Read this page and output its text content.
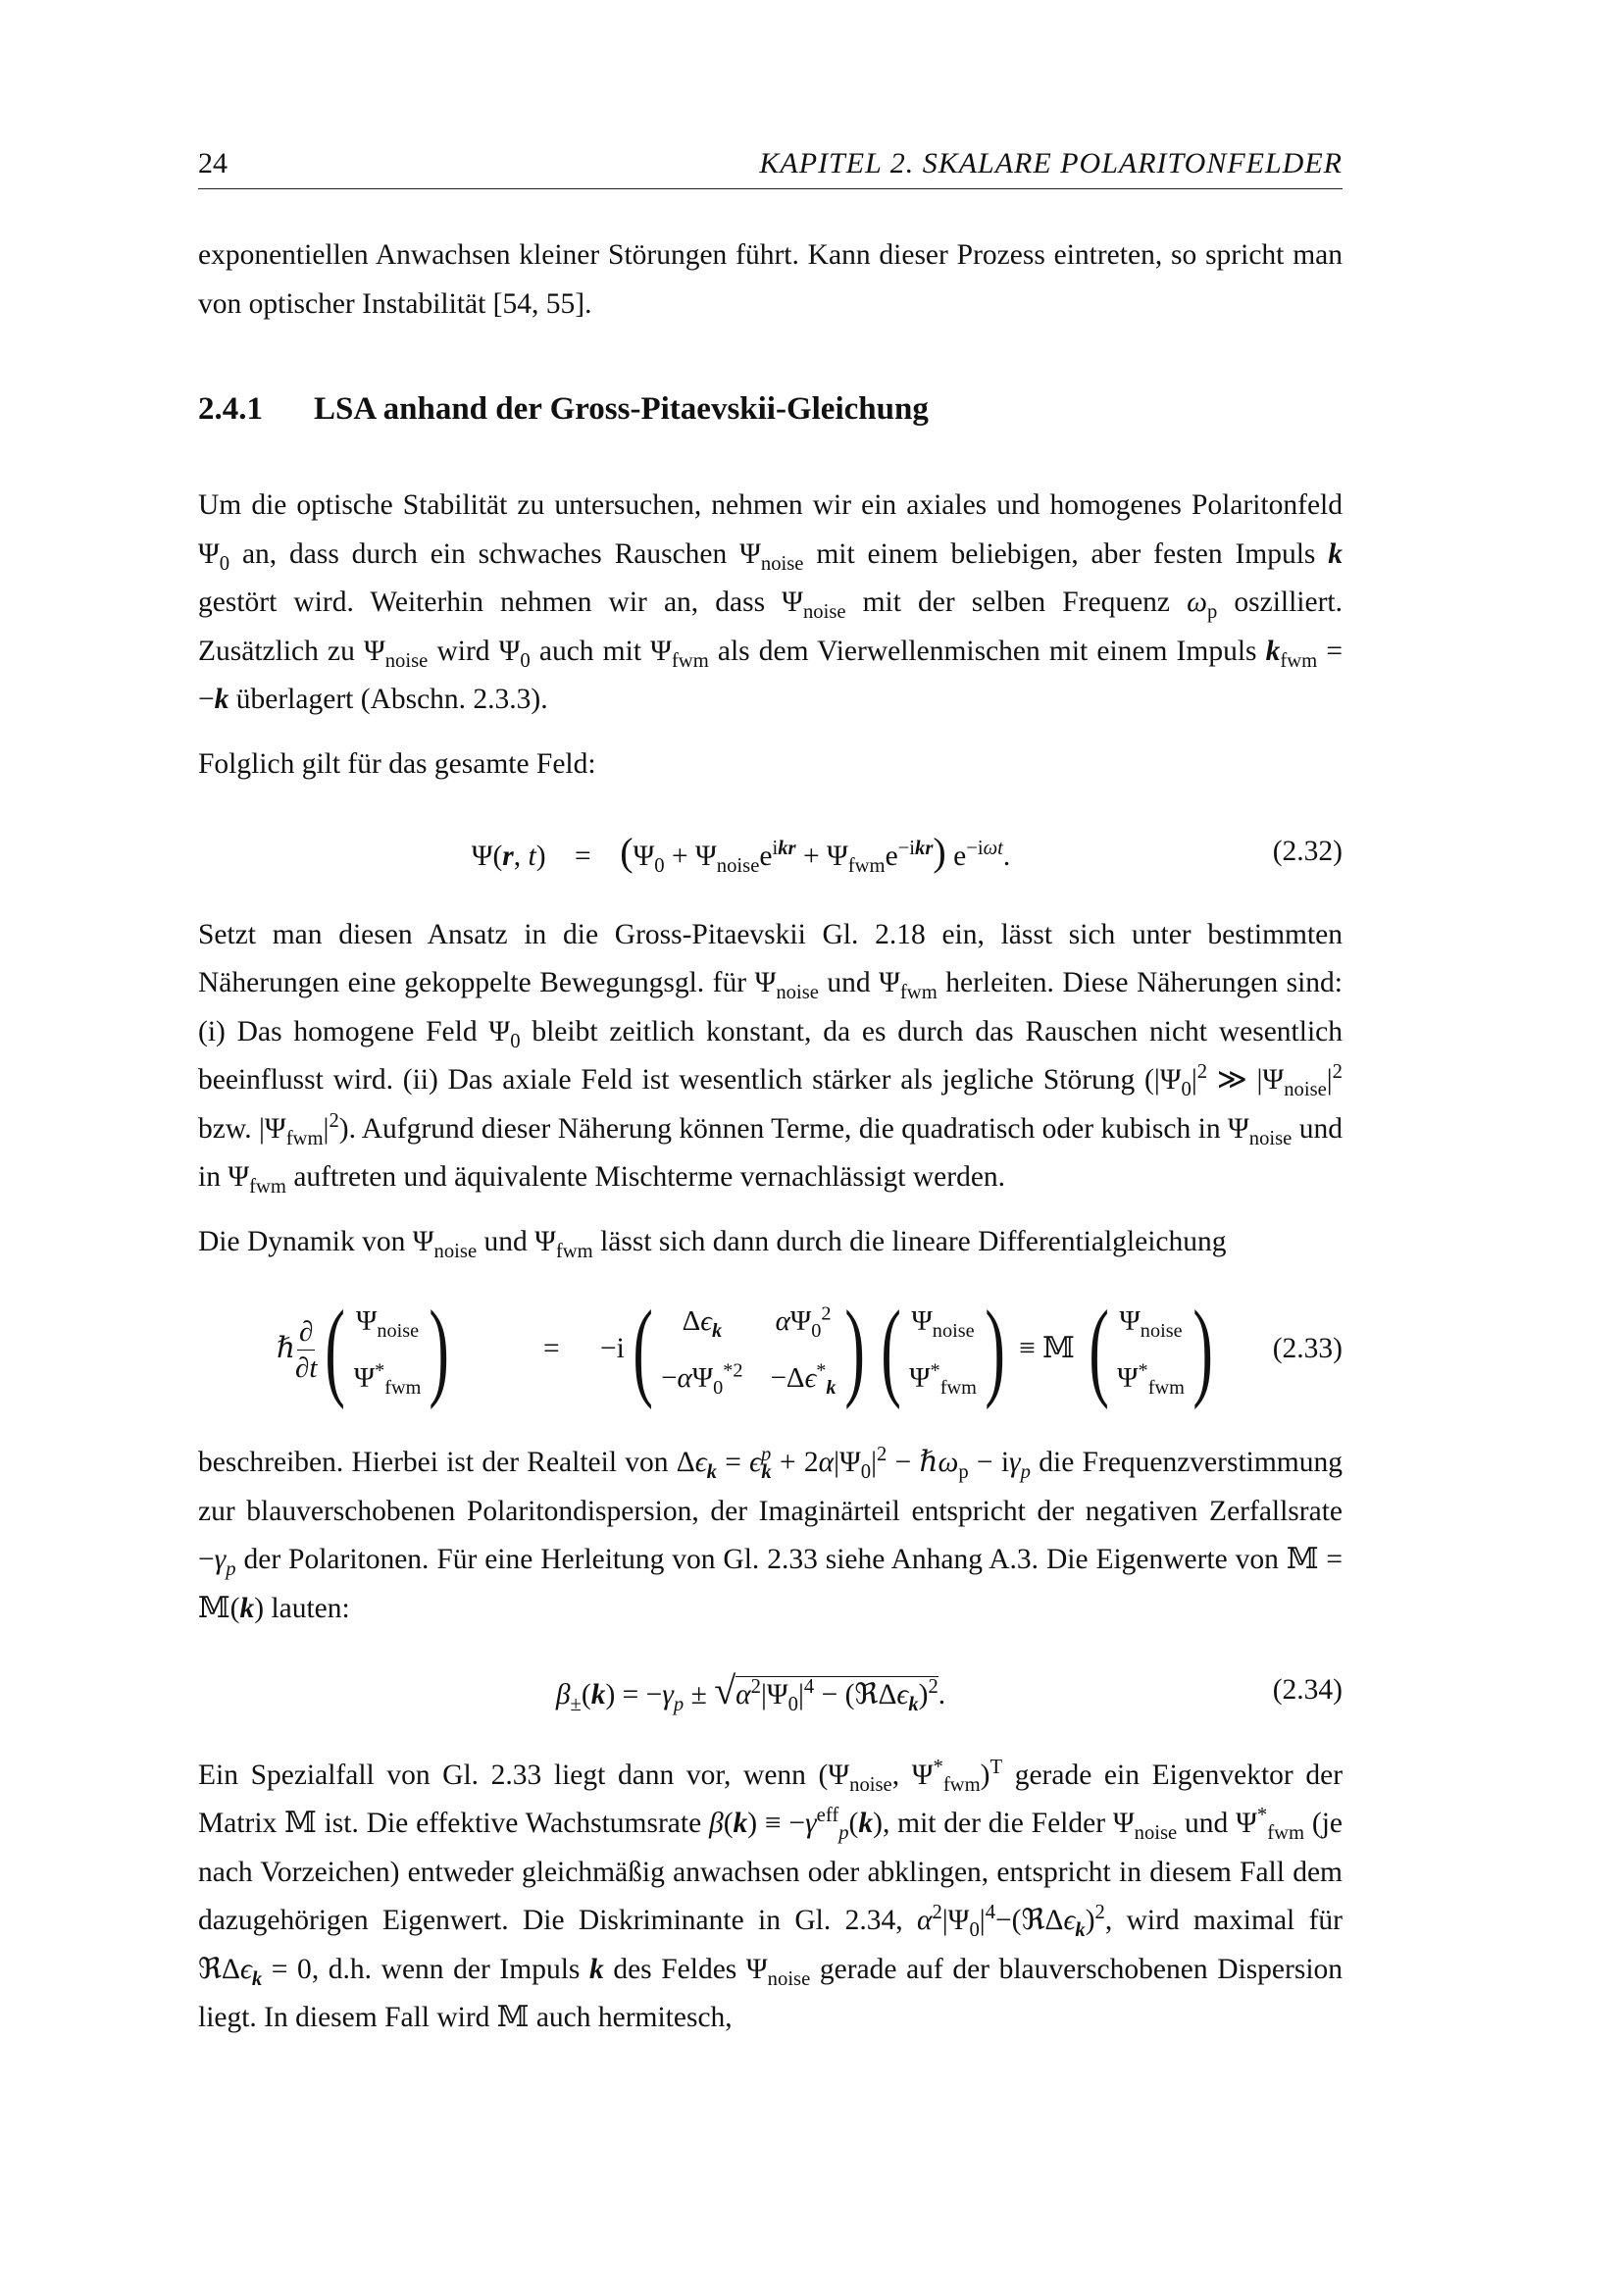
24	KAPITEL 2. SKALARE POLARITONFELDER

exponentiellen Anwachsen kleiner Störungen führt. Kann dieser Prozess eintreten, so spricht man von optischer Instabilität [54, 55].

2.4.1 LSA anhand der Gross-Pitaevskii-Gleichung

Um die optische Stabilität zu untersuchen, nehmen wir ein axiales und homogenes Polaritonfeld $\Psi_0$ an, dass durch ein schwaches Rauschen $\Psi_{noise}$ mit einem beliebigen, aber festen Impuls k gestört wird. Weiterhin nehmen wir an, dass $\Psi_{noise}$ mit der selben Frequenz $\omega_p$ oszilliert. Zusätzlich zu $\Psi_{noise}$ wird $\Psi_0$ auch mit $\Psi_{fwm}$ als dem Vierwellenmischen mit einem Impuls $k_{fwm} = -k$ überlagert (Abschn. 2.3.3).

Folglich gilt für das gesamte Feld:

Ψ(r, t)    =    $(\Psi_0 + \Psi_{noise}e^{ikr} + \Psi_{fwm}e^{-ikr})$ $e^{-i\omega t}$.	(2.32)

Setzt man diesen Ansatz in die Gross-Pitaevskii Gl. 2.18 ein, lässt sich unter bestimmten Näherungen eine gekoppelte Bewegungsgl. für $\Psi_{noise}$ und $\Psi_{fwm}$ herleiten. Diese Näherungen sind: (i) Das homogene Feld $\Psi_0$ bleibt zeitlich konstant, da es durch das Rauschen nicht wesentlich beeinflusst wird. (ii) Das axiale Feld ist wesentlich stärker als jegliche Störung ($|\Psi_0|^2$ ≫ $|\Psi_{noise}|^2$ bzw. $|\Psi_{fwm}|^2$). Aufgrund dieser Näherung können Terme, die quadratisch oder kubisch in $\Psi_{noise}$ und in $\Psi_{fwm}$ auftreten und äquivalente Mischterme vernachlässigt werden.

Die Dynamik von $\Psi_{noise}$ und $\Psi_{fwm}$ lässt sich dann durch die lineare Differentialgleichung

ℏ $\frac{\partial}{\partial t}$ ( $\Psi_{noise}$
$\Psi^*_{fwm}$ )	= −i (	$\Delta\epsilon_k$	$\alpha\Psi_0^2$
$-\alpha\Psi_0^{*2} -\Delta\epsilon^*_k$ ) ( $\Psi_{noise}$
$\Psi^*_{fwm}$ ) ≡ 𝕄 ( $\Psi_{noise}$
$\Psi^*_{fwm}$ ) (2.33)

beschreiben. Hierbei ist der Realteil von $\Delta\epsilon_k = \epsilon^p_k + 2\alpha|\Psi_0|^2$ − ℏω$_p$ − $i\gamma_p$ die Frequenzverstimmung zur blauverschobenen Polaritondispersion, der Imaginärteil entspricht der negativen Zerfallsrate $-\gamma_p$ der Polaritonen. Für eine Herleitung von Gl. 2.33 siehe Anhang A.3. Die Eigenwerte von 𝕄 = 𝕄(k) lauten:

$\beta_\pm(k) = -\gamma_p \pm √\alpha^2|\Psi_0|^4$ − (ℜΔϵ$_k$)$^2$.	(2.34)

Ein Spezialfall von Gl. 2.33 liegt dann vor, wenn ($\Psi_{noise}$, $\Psi^*_{fwm})^T$ gerade ein Eigenvektor der Matrix 𝕄 ist. Die effektive Wachstumsrate $\beta(k) \equiv -\gamma^{eff}_p(k)$, mit der die Felder $\Psi_{noise}$ und $\Psi^*_{fwm}$ (je nach Vorzeichen) entweder gleichmäßig anwachsen oder abklingen, entspricht in diesem Fall dem dazugehörigen Eigenwert. Die Diskriminante in Gl. 2.34, $\alpha^2|\Psi_0|^4-(ℜ\Delta\epsilon_k)^2$, wird maximal für ℜΔϵ$_k$ = 0, d.h. wenn der Impuls k des Feldes $\Psi_{noise}$ gerade auf der blauverschobenen Dispersion liegt. In diesem Fall wird 𝕄 auch hermitesch,
